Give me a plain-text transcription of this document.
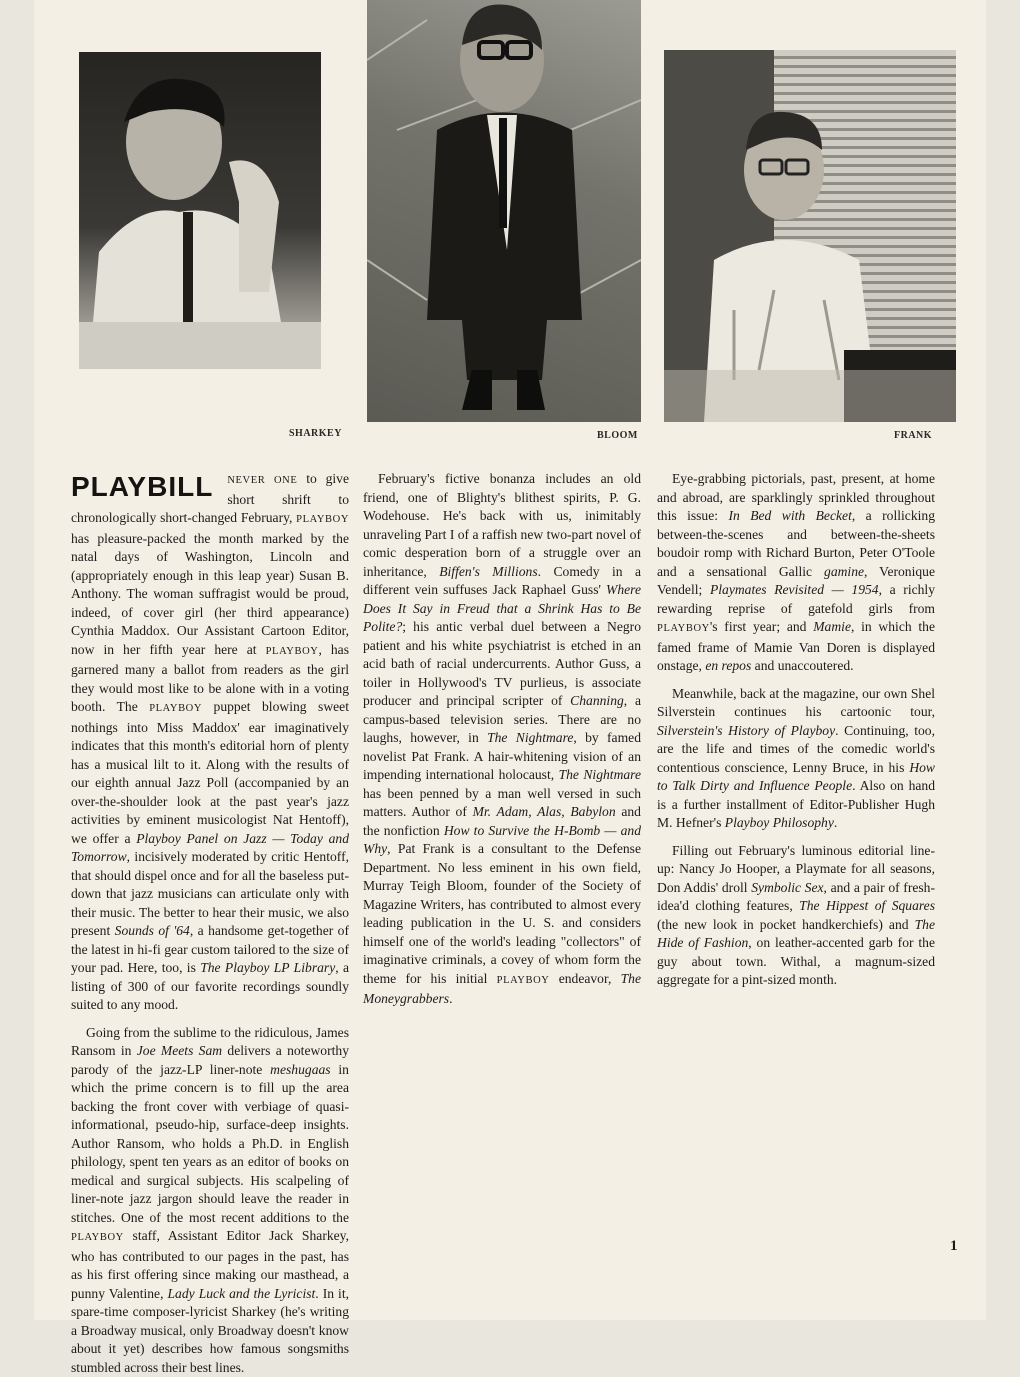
SHARKEY	BLOOM	FRANK
PLAYBILL	NEVER ONE to give short shrift to chronologically short-changed February, PLAYBOY has pleasure-packed the month marked by the natal days of Washington, Lincoln and (appropriately enough in this leap year) Susan B. Anthony. The woman suffragist would be proud, indeed, of cover girl (her third appearance) Cynthia Maddox. Our Assistant Cartoon Editor, now in her fifth year here at PLAYBOY, has garnered many a ballot from readers as the girl they would most like to be alone with in a voting booth. The PLAYBOY puppet blowing sweet nothings into Miss Maddox' ear imaginatively indicates that this month's editorial horn of plenty has a musical lilt to it. Along with the results of our eighth annual Jazz Poll (accompanied by an over-the-shoulder look at the past year's jazz activities by eminent musicologist Nat Hentoff), we offer a Playboy Panel on Jazz — Today and Tomorrow, incisively moderated by critic Hentoff, that should dispel once and for all the baseless put-down that jazz musicians can articulate only with their music. The better to hear their music, we also present Sounds of '64, a handsome get-together of the latest in hi-fi gear custom tailored to the size of your pad. Here, too, is The Playboy LP Library, a listing of 300 of our favorite recordings soundly suited to any mood.

Going from the sublime to the ridiculous, James Ransom in Joe Meets Sam delivers a noteworthy parody of the jazz-LP liner-note meshugaas in which the prime concern is to fill up the area backing the front cover with verbiage of quasi-informational, pseudo-hip, surface-deep insights. Author Ransom, who holds a Ph.D. in English philology, spent ten years as an editor of books on medical and surgical subjects. His scalpeling of liner-note jazz jargon should leave the reader in stitches. One of the most recent additions to the PLAYBOY staff, Assistant Editor Jack Sharkey, who has contributed to our pages in the past, has as his first offering since making our masthead, a punny Valentine, Lady Luck and the Lyricist. In it, spare-time composer-lyricist Sharkey (he's writing a Broadway musical, only Broadway doesn't know about it yet) describes how famous songsmiths stumbled across their best lines.

February's fictive bonanza includes an old friend, one of Blighty's blithest spirits, P. G. Wodehouse. He's back with us, inimitably unraveling Part I of a raffish new two-part novel of comic desperation born of a struggle over an inheritance, Biffen's Millions. Comedy in a different vein suffuses Jack Raphael Guss' Where Does It Say in Freud that a Shrink Has to Be Polite?; his antic verbal duel between a Negro patient and his white psychiatrist is etched in an acid bath of racial undercurrents. Author Guss, a toiler in Hollywood's TV purlieus, is associate producer and principal scripter of Channing, a campus-based television series. There are no laughs, however, in The Nightmare, by famed novelist Pat Frank. A hair-whitening vision of an impending international holocaust, The Nightmare has been penned by a man well versed in such matters. Author of Mr. Adam, Alas, Babylon and the nonfiction How to Survive the H-Bomb — and Why, Pat Frank is a consultant to the Defense Department. No less eminent in his own field, Murray Teigh Bloom, founder of the Society of Magazine Writers, has contributed to almost every leading publication in the U. S. and considers himself one of the world's leading "collectors" of imaginative criminals, a covey of whom form the theme for his initial PLAYBOY endeavor, The Moneygrabbers.

Eye-grabbing pictorials, past, present, at home and abroad, are sparklingly sprinkled throughout this issue: In Bed with Becket, a rollicking between-the-scenes and between-the-sheets boudoir romp with Richard Burton, Peter O'Toole and a sensational Gallic gamine, Veronique Vendell; Playmates Revisited — 1954, a richly rewarding reprise of gatefold girls from PLAYBOY's first year; and Mamie, in which the famed frame of Mamie Van Doren is displayed onstage, en repos and unaccoutered.

Meanwhile, back at the magazine, our own Shel Silverstein continues his cartoonic tour, Silverstein's History of Playboy. Continuing, too, are the life and times of the comedic world's contentious conscience, Lenny Bruce, in his How to Talk Dirty and Influence People. Also on hand is a further installment of Editor-Publisher Hugh M. Hefner's Playboy Philosophy.

Filling out February's luminous editorial line-up: Nancy Jo Hooper, a Playmate for all seasons, Don Addis' droll Symbolic Sex, and a pair of fresh-idea'd clothing features, The Hippest of Squares (the new look in pocket handkerchiefs) and The Hide of Fashion, on leather-accented garb for the guy about town. Withal, a magnum-sized aggregate for a pint-sized month.

1
